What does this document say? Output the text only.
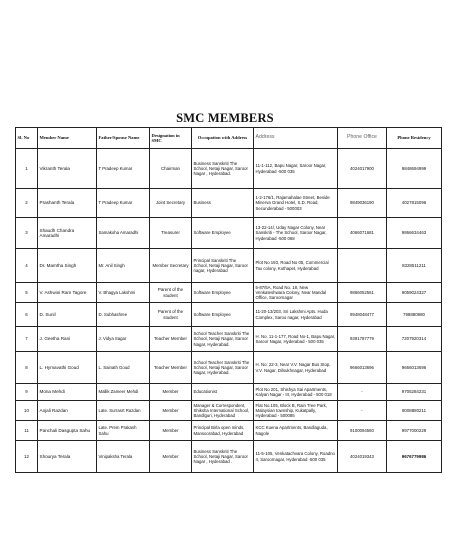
SMC MEMBERS
Sl. No	Member Name	Father/Spouse Name	Designation in SMC	Occupation with Address	Address	Phone Office	Phone Residency
1	Vikranth Terala	T Pradeep Kumar	Chairman	Business Sanskriti The School, Netaji Nagar, Saroor Nagar , Hyderabad.	11-1-112, Bapu Nagar, Saroor Nagar, Hyderabad -500 035	4024017900	9848694999
2	Prashanth Terala	T Pradeep Kumar	Joint Secretary	Business	1-2-176/1, Rajamahalae Street, Beside Minerva Grand Hotel, S.D. Road, Secunderabad - 500003	9849036190	4027815096
3	Shaudh Chandra Amaradhi	Samakoha Amaradhi	Treasurer	Software Employee	13-22-14/, Uday Nagar Colony, Near Sanskriti - The School, Saroor Nagar, Hyderabad -500 068	4066071681	9866634463
4	Dr. Mamtha Singh	Mr. Anil Singh	Member Secretary	Principal Sanskriti The School, Netaji Nagar, Saroor nagar, Hyderabad	Plot No 193, Road No 05, Commercial Tax colony, Kothapet, Hyderabad		8328511211
5	V. Ashwini Ram Tagore	V. Bhagya Lakshmi	Parent of the student	Software Employee	5-87/5A, Road No. 18, New Venkateshwara Colony, Near Mandal Office, Saroornagar	9866052561	9059024327
6	D. Sunil	D. Subhashree	Parent of the student	Software Employee	11-20-13/203, Sri Lakshmi Apts. Huda Complex, Saroo nagar, Hyderabad	9948048477	798880980
7	J. Geetha Rani	J. Vidya Sagar	Teacher Member	School Teacher Sanskriti The School, Netaji Nagar, Saroor Nagar, Hyderabad.	H. No. 11-1-177, Road No-1, Bapu Nagar, Saroor Nagar, Hyderabad - 500 035	9391787779	7207920314
8	L. Hymavathi Goud	L. Sainath Goud	Teacher Member	School Teacher Sanskriti The School, Netaji Nagar, Saroor Nagar, Hyderabad.	H. No: 22-3, Near V.V. Nagar Bus Stop, V.V. Nagar, Dilsukhnagar, Hyderabad	9666013696	9666013696
9	Mona Mehdi	Mallik Zameer Mehdi	Member	Educationist	Plot No 201, Shishya Sai Apartments, Kalyan Nagar - III, Hyderabad - 500 018	-	9705284231
10	Anjali Razdan	Late. Surrasrt Razdan	Member	Manager & Correspondent, Shiksha International School, Bandlguri, Hyderabad	Flat No.105, Block B, Rain Tree Park, Malaysian township, Kukatpally, Hyderabad - 500085	-	8008880211
11	Panchali Dasgupta Sahu	Late. Prem Prakash Sahu	Member	Principal Birla open minds, Mansoorabad, Hyderabad	KCC Kuena Apartments, Bandlaguda, Nagole	9100094560	9977000229
12	Shourya Terala	Vinipaksha Terala	Member	Business Sanskriti The School, Netaji Nagar, Saroor Nagar , Hyderabad .	11-5-105, Venkatachvara Colony, Roadno 4, Saroornagar, Hyderabad -500 035	4024019343	9676779986
